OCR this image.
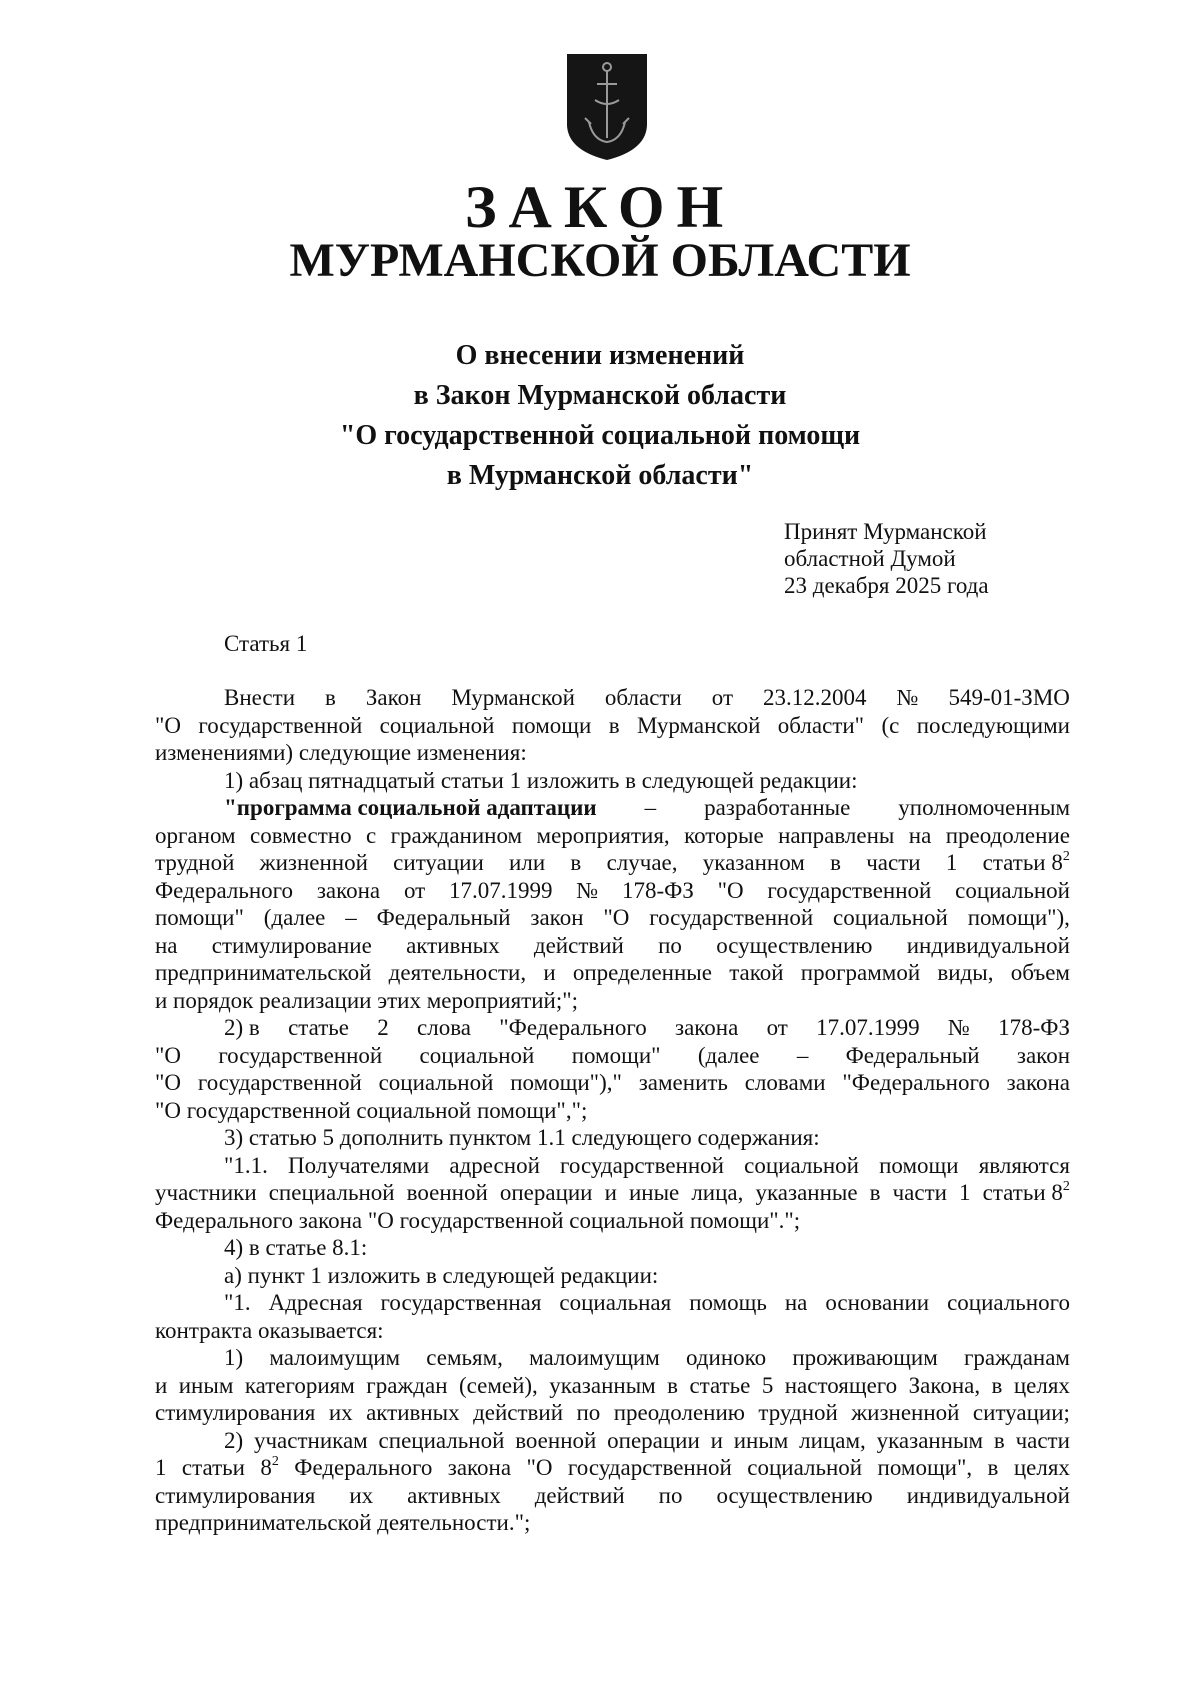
ЗАКОН
МУРМАНСКОЙ ОБЛАСТИ
О внесении изменений
в Закон Мурманской области
"О государственной социальной помощи
в Мурманской области"
Принят Мурманской
областной Думой
23 декабря 2025 года
Статья 1
Внести в Закон Мурманской области от 23.12.2004 № 549-01-ЗМО
"О государственной социальной помощи в Мурманской области" (с последующими
изменениями) следующие изменения:
1) абзац пятнадцатый статьи 1 изложить в следующей редакции:
"программа социальной адаптации – разработанные уполномоченным
органом совместно с гражданином мероприятия, которые направлены на преодоление
трудной жизненной ситуации или в случае, указанном в части 1 статьи $8^2$
Федерального закона от 17.07.1999 № 178-ФЗ "О государственной социальной
помощи" (далее – Федеральный закон "О государственной социальной помощи"),
на стимулирование активных действий по осуществлению индивидуальной
предпринимательской деятельности, и определенные такой программой виды, объем
и порядок реализации этих мероприятий;";
2) в статье 2 слова "Федерального закона от 17.07.1999 № 178-ФЗ
"О государственной социальной помощи" (далее – Федеральный закон
"О государственной социальной помощи")," заменить словами "Федерального закона
"О государственной социальной помощи",";
3) статью 5 дополнить пунктом 1.1 следующего содержания:
"1.1. Получателями адресной государственной социальной помощи являются
участники специальной военной операции и иные лица, указанные в части 1 статьи $8^2$
Федерального закона "О государственной социальной помощи".";
4) в статье 8.1:
а) пункт 1 изложить в следующей редакции:
"1. Адресная государственная социальная помощь на основании социального
контракта оказывается:
1) малоимущим семьям, малоимущим одиноко проживающим гражданам
и иным категориям граждан (семей), указанным в статье 5 настоящего Закона, в целях
стимулирования их активных действий по преодолению трудной жизненной ситуации;
2) участникам специальной военной операции и иным лицам, указанным в части
1 статьи $8^2$ Федерального закона "О государственной социальной помощи", в целях
стимулирования их активных действий по осуществлению индивидуальной
предпринимательской деятельности.";
